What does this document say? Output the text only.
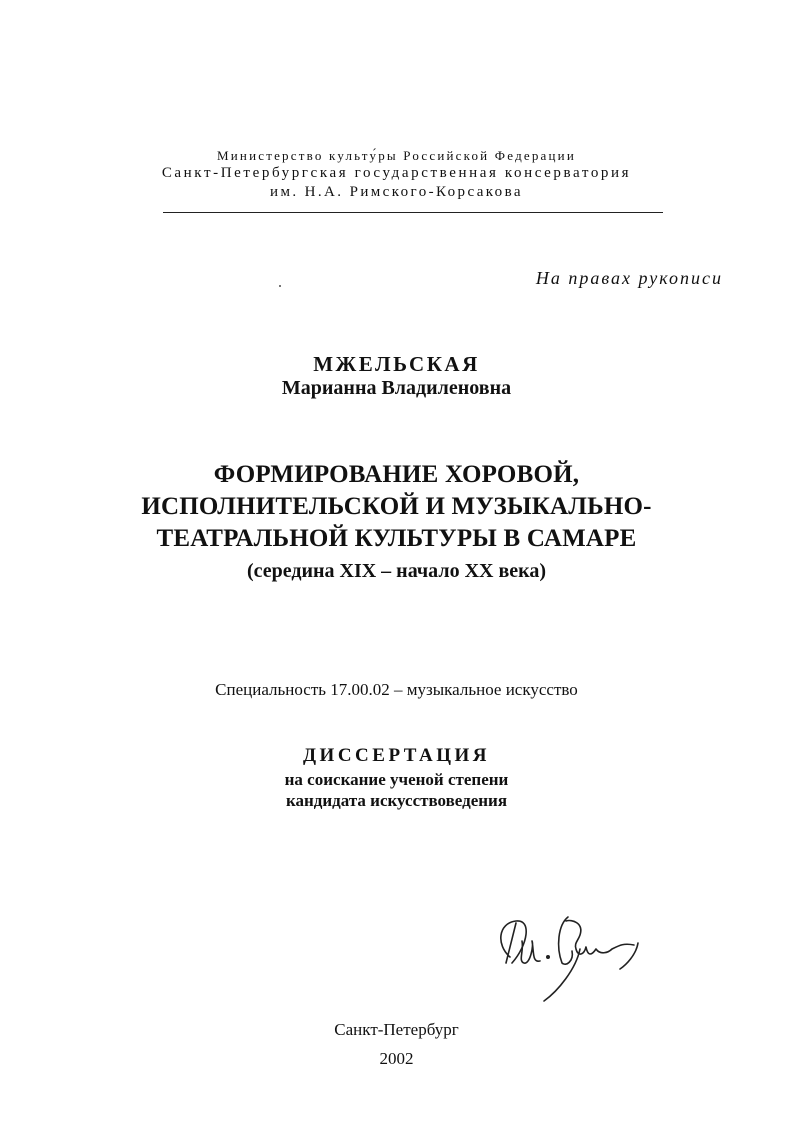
Министерство культу́ры Российской Федерации
Санкт-Петербургская государственная консерватория
им. Н.А. Римского-Корсакова
На правах рукописи
МЖЕЛЬСКАЯ
Марианна Владиленовна
ФОРМИРОВАНИЕ ХОРОВОЙ,
ИСПОЛНИТЕЛЬСКОЙ И МУЗЫКАЛЬНО-
ТЕАТРАЛЬНОЙ КУЛЬТУРЫ В САМАРЕ
(середина XIX – начало XX века)
Специальность 17.00.02 – музыкальное искусство
ДИССЕРТАЦИЯ
на соискание ученой степени
кандидата искусствоведения
Санкт-Петербург
2002
